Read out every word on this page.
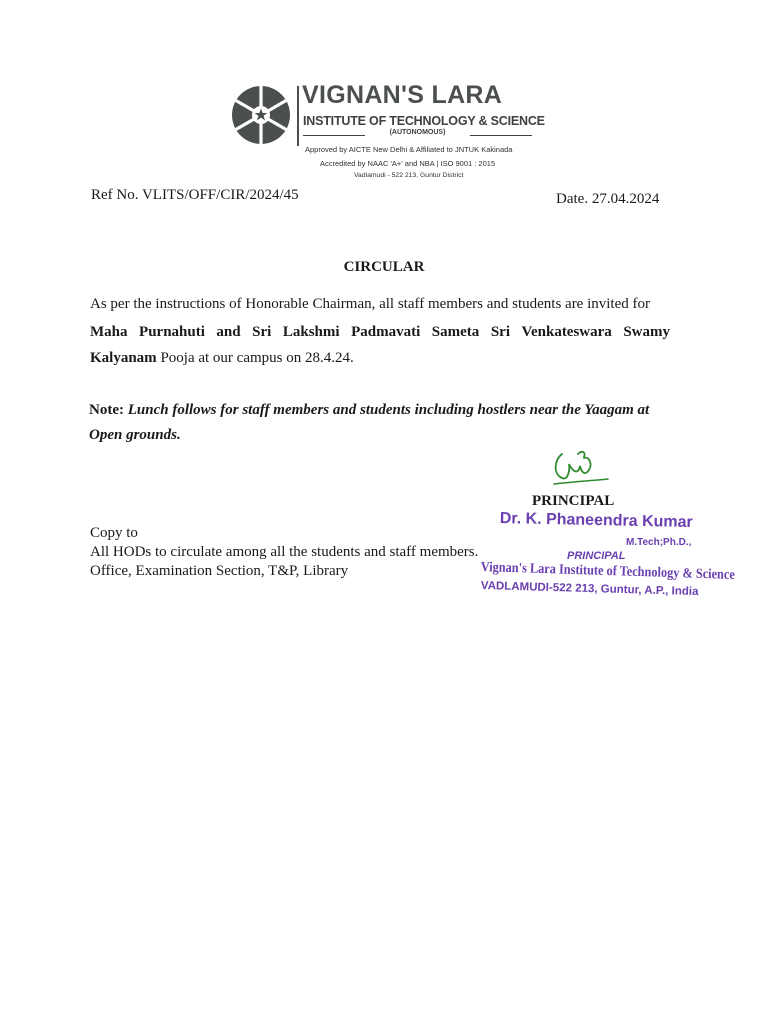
VIGNAN'S LARA
INSTITUTE OF TECHNOLOGY & SCIENCE
(AUTONOMOUS)
Approved by AICTE New Delhi & Affiliated to JNTUK Kakinada
Accredited by NAAC 'A+' and NBA | ISO 9001 : 2015
Vadlamudi - 522 213, Guntur District
Ref No. VLITS/OFF/CIR/2024/45	Date. 27.04.2024
CIRCULAR
As per the instructions of Honorable Chairman, all staff members and students are invited for
Maha Purnahuti and Sri Lakshmi Padmavati Sameta Sri Venkateswara Swamy
Kalyanam Pooja at our campus on 28.4.24.
Note: Lunch follows for staff members and students including hostlers near the Yaagam at
Open grounds.
PRINCIPAL
Copy to
All HODs to circulate among all the students and staff members.
Office, Examination Section, T&P, Library
Dr. K. Phaneendra Kumar
M.Tech;Ph.D.,
PRINCIPAL
Vignan's Lara Institute of Technology & Science
VADLAMUDI-522 213, Guntur, A.P., India
